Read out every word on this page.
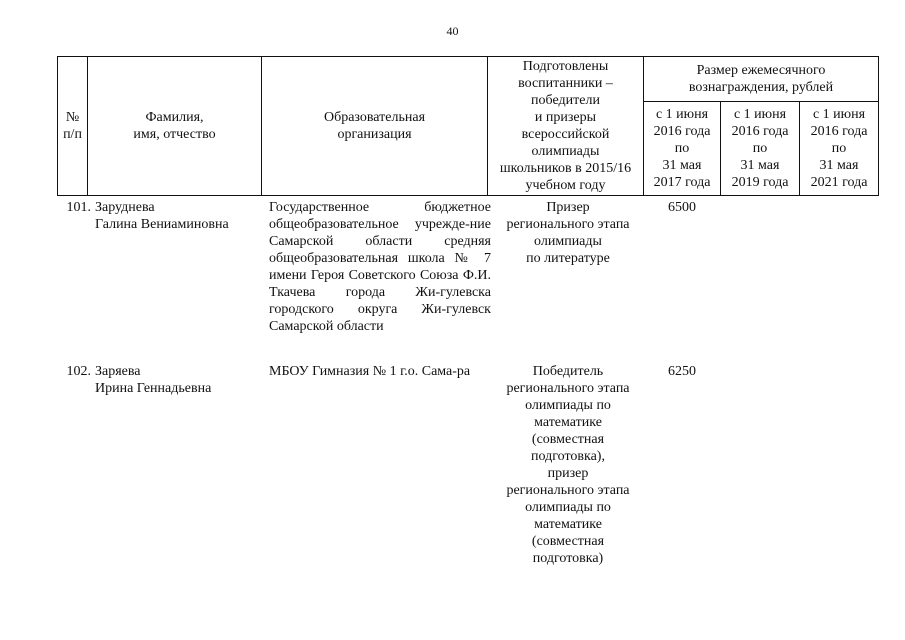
40
№
п/п
Фамилия,
имя, отчество
Образовательная
организация
Подготовлены
воспитанники –
победители
и призеры
всероссийской
олимпиады
школьников в 2015/16
учебном году
Размер ежемесячного
вознаграждения, рублей
с 1 июня
2016 года
по
31 мая
2017 года
с 1 июня
2016 года
по
31 мая
2019 года
с 1 июня
2016 года
по
31 мая
2021 года
101. Заруднева
Галина Вениаминовна
Государственное бюджетное общеобразовательное учрежде-ние Самарской области средняя общеобразовательная школа № 7 имени Героя Советского Союза Ф.И. Ткачева города Жи-гулевска городского округа Жи-гулевск Самарской области
Призер
регионального этапа
олимпиады
по литературе
6500
102. Заряева
Ирина Геннадьевна
МБОУ Гимназия № 1 г.о. Сама-ра	Победитель
регионального этапа
олимпиады по
математике
(совместная
подготовка),
призер
регионального этапа
олимпиады по
математике
(совместная
подготовка)
6250
